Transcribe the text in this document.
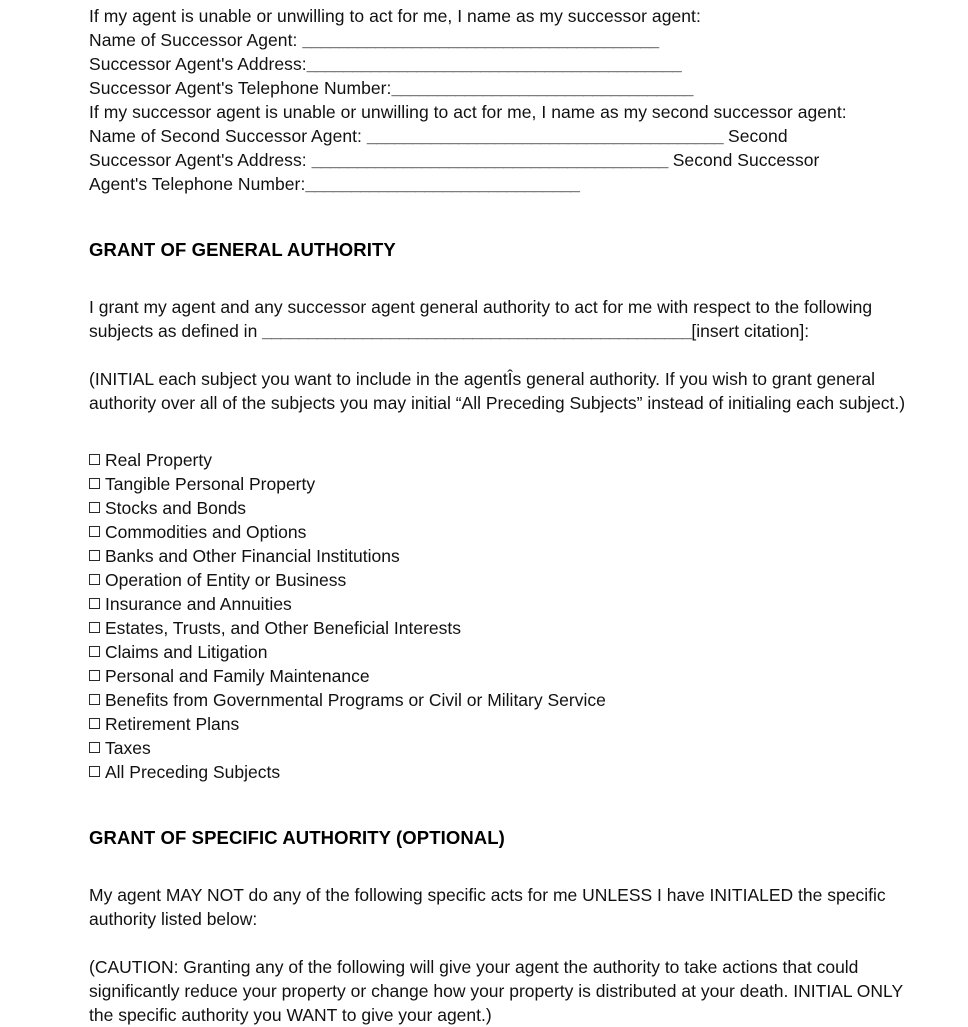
If my agent is unable or unwilling to act for me, I name as my successor agent:
Name of Successor Agent: _______________________________________
Successor Agent's Address:_________________________________________
Successor Agent's Telephone Number:_________________________________
If my successor agent is unable or unwilling to act for me, I name as my second successor agent:
Name of Second Successor Agent: _______________________________________ Second
Successor Agent's Address: _______________________________________ Second Successor
Agent's Telephone Number:______________________________
GRANT OF GENERAL AUTHORITY
I grant my agent and any successor agent general authority to act for me with respect to the following subjects as defined in _______________________________________________[insert citation]:
(INITIAL each subject you want to include in the agentÎs general authority. If you wish to grant general authority over all of the subjects you may initial “All Preceding Subjects” instead of initialing each subject.)
Real Property
Tangible Personal Property
Stocks and Bonds
Commodities and Options
Banks and Other Financial Institutions
Operation of Entity or Business
Insurance and Annuities
Estates, Trusts, and Other Beneficial Interests
Claims and Litigation
Personal and Family Maintenance
Benefits from Governmental Programs or Civil or Military Service
Retirement Plans
Taxes
All Preceding Subjects
GRANT OF SPECIFIC AUTHORITY (OPTIONAL)
My agent MAY NOT do any of the following specific acts for me UNLESS I have INITIALED the specific authority listed below:
(CAUTION: Granting any of the following will give your agent the authority to take actions that could significantly reduce your property or change how your property is distributed at your death. INITIAL ONLY the specific authority you WANT to give your agent.)
